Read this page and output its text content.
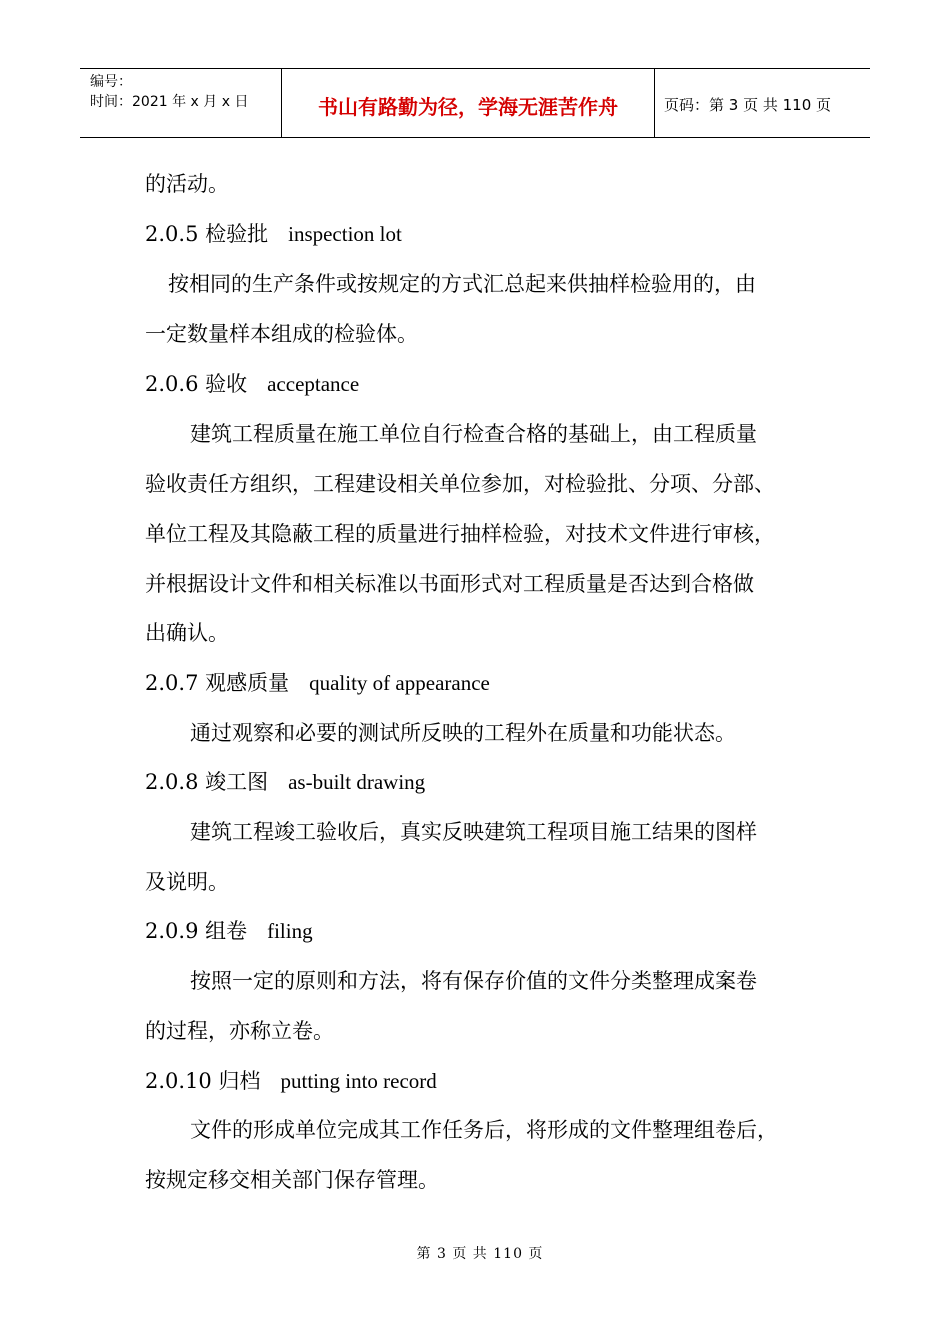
编号：
时间：2021 年 x 月 x 日	书山有路勤为径，学海无涯苦作舟	页码：第 3 页 共 110 页
的活动。
2.0.5 检验批 inspection lot
按相同的生产条件或按规定的方式汇总起来供抽样检验用的，由
一定数量样本组成的检验体。
2.0.6 验收 acceptance
建筑工程质量在施工单位自行检查合格的基础上，由工程质量
验收责任方组织，工程建设相关单位参加，对检验批、分项、分部、
单位工程及其隐蔽工程的质量进行抽样检验，对技术文件进行审核，
并根据设计文件和相关标准以书面形式对工程质量是否达到合格做
出确认。
2.0.7 观感质量 quality of appearance
通过观察和必要的测试所反映的工程外在质量和功能状态。
2.0.8 竣工图 as-built drawing
建筑工程竣工验收后，真实反映建筑工程项目施工结果的图样
及说明。
2.0.9 组卷 filing
按照一定的原则和方法，将有保存价值的文件分类整理成案卷
的过程，亦称立卷。
2.0.10 归档 putting into record
文件的形成单位完成其工作任务后，将形成的文件整理组卷后，
按规定移交相关部门保存管理。
第 3 页 共 110 页
